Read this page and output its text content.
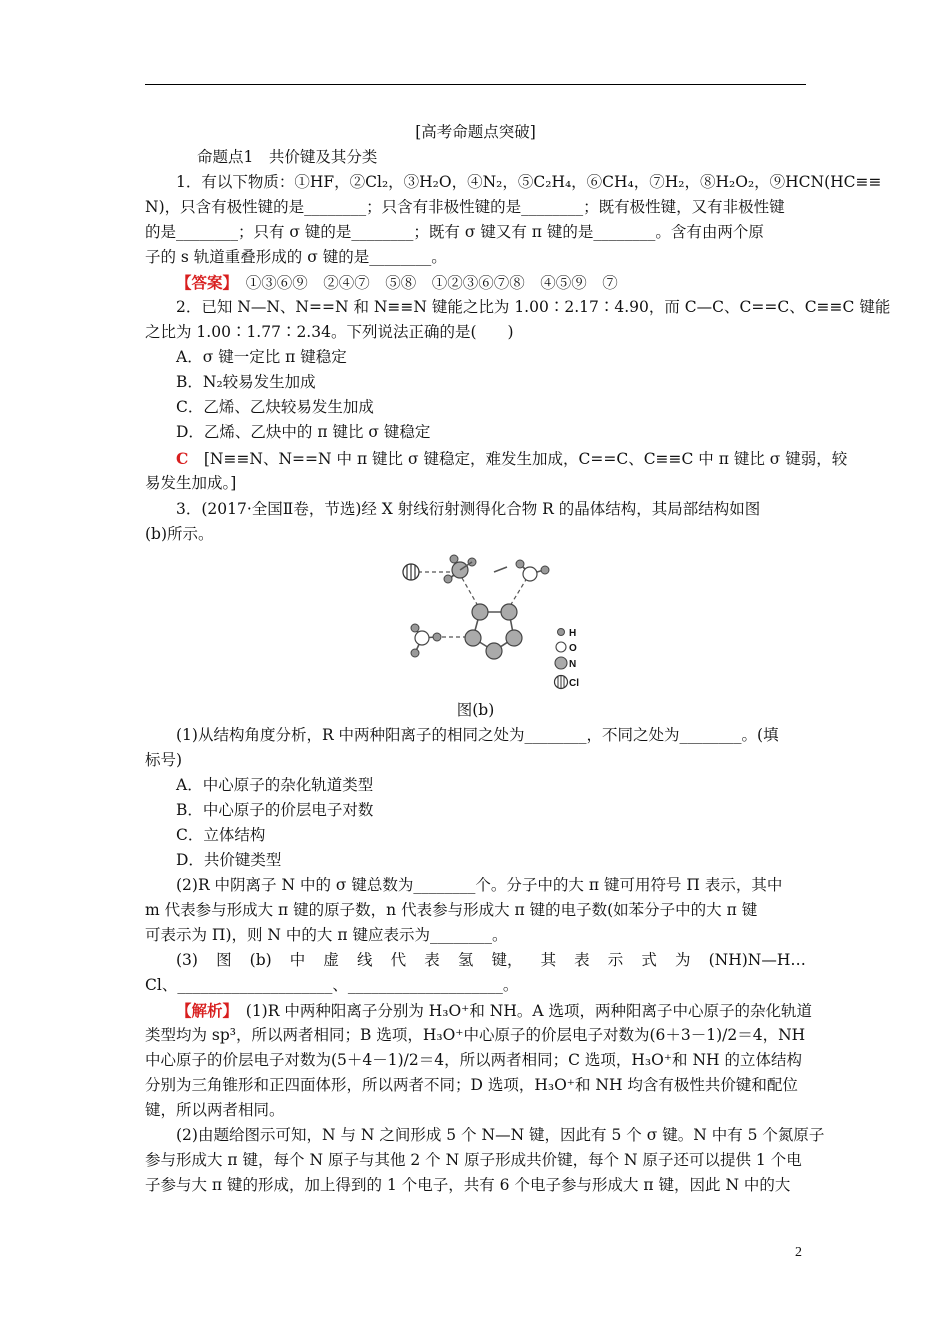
[高考命题点突破]
命题点1　共价键及其分类
1．有以下物质：①HF，②Cl₂，③H₂O，④N₂，⑤C₂H₄，⑥CH₄，⑦H₂，⑧H₂O₂，⑨HCN(HC≡≡
N)，只含有极性键的是________；只含有非极性键的是________；既有极性键，又有非极性键
的是________；只有 σ 键的是________；既有 σ 键又有 π 键的是________。含有由两个原
子的 s 轨道重叠形成的 σ 键的是________。
【答案】　①③⑥⑨　②④⑦　⑤⑧　①②③⑥⑦⑧　④⑤⑨　⑦
2．已知 N—N、N==N 和 N≡≡N 键能之比为 1.00∶2.17∶4.90，而 C—C、C==C、C≡≡C 键能
之比为 1.00∶1.77∶2.34。下列说法正确的是(　　)
A．σ 键一定比 π 键稳定
B．N₂较易发生加成
C．乙烯、乙炔较易发生加成
D．乙烯、乙炔中的 π 键比 σ 键稳定
C　[N≡≡N、N==N 中 π 键比 σ 键稳定，难发生加成，C==C、C≡≡C 中 π 键比 σ 键弱，较
易发生加成。]
3．(2017·全国Ⅱ卷，节选)经 X 射线衍射测得化合物 R 的晶体结构，其局部结构如图
(b)所示。
H
O
N
Cl
图(b)
(1)从结构角度分析，R 中两种阳离子的相同之处为________，不同之处为________。(填
标号)
A．中心原子的杂化轨道类型
B．中心原子的价层电子对数
C．立体结构
D．共价键类型
(2)R 中阴离子 N 中的 σ 键总数为________个。分子中的大 π 键可用符号 Π 表示，其中
m 代表参与形成大 π 键的原子数，n 代表参与形成大 π 键的电子数(如苯分子中的大 π 键
可表示为 Π)，则 N 中的大 π 键应表示为________。
(3) 图 (b) 中 虚 线 代 表 氢 键， 其 表 示 式 为 (NH)N—H…
Cl、____________________、____________________。
【解析】　(1)R 中两种阳离子分别为 H₃O⁺和 NH。A 选项，两种阳离子中心原子的杂化轨道
类型均为 sp³，所以两者相同；B 选项，H₃O⁺中心原子的价层电子对数为(6＋3－1)/2＝4，NH
中心原子的价层电子对数为(5＋4－1)/2＝4，所以两者相同；C 选项，H₃O⁺和 NH 的立体结构
分别为三角锥形和正四面体形，所以两者不同；D 选项，H₃O⁺和 NH 均含有极性共价键和配位
键，所以两者相同。
(2)由题给图示可知，N 与 N 之间形成 5 个 N—N 键，因此有 5 个 σ 键。N 中有 5 个氮原子
参与形成大 π 键，每个 N 原子与其他 2 个 N 原子形成共价键，每个 N 原子还可以提供 1 个电
子参与大 π 键的形成，加上得到的 1 个电子，共有 6 个电子参与形成大 π 键，因此 N 中的大
2
